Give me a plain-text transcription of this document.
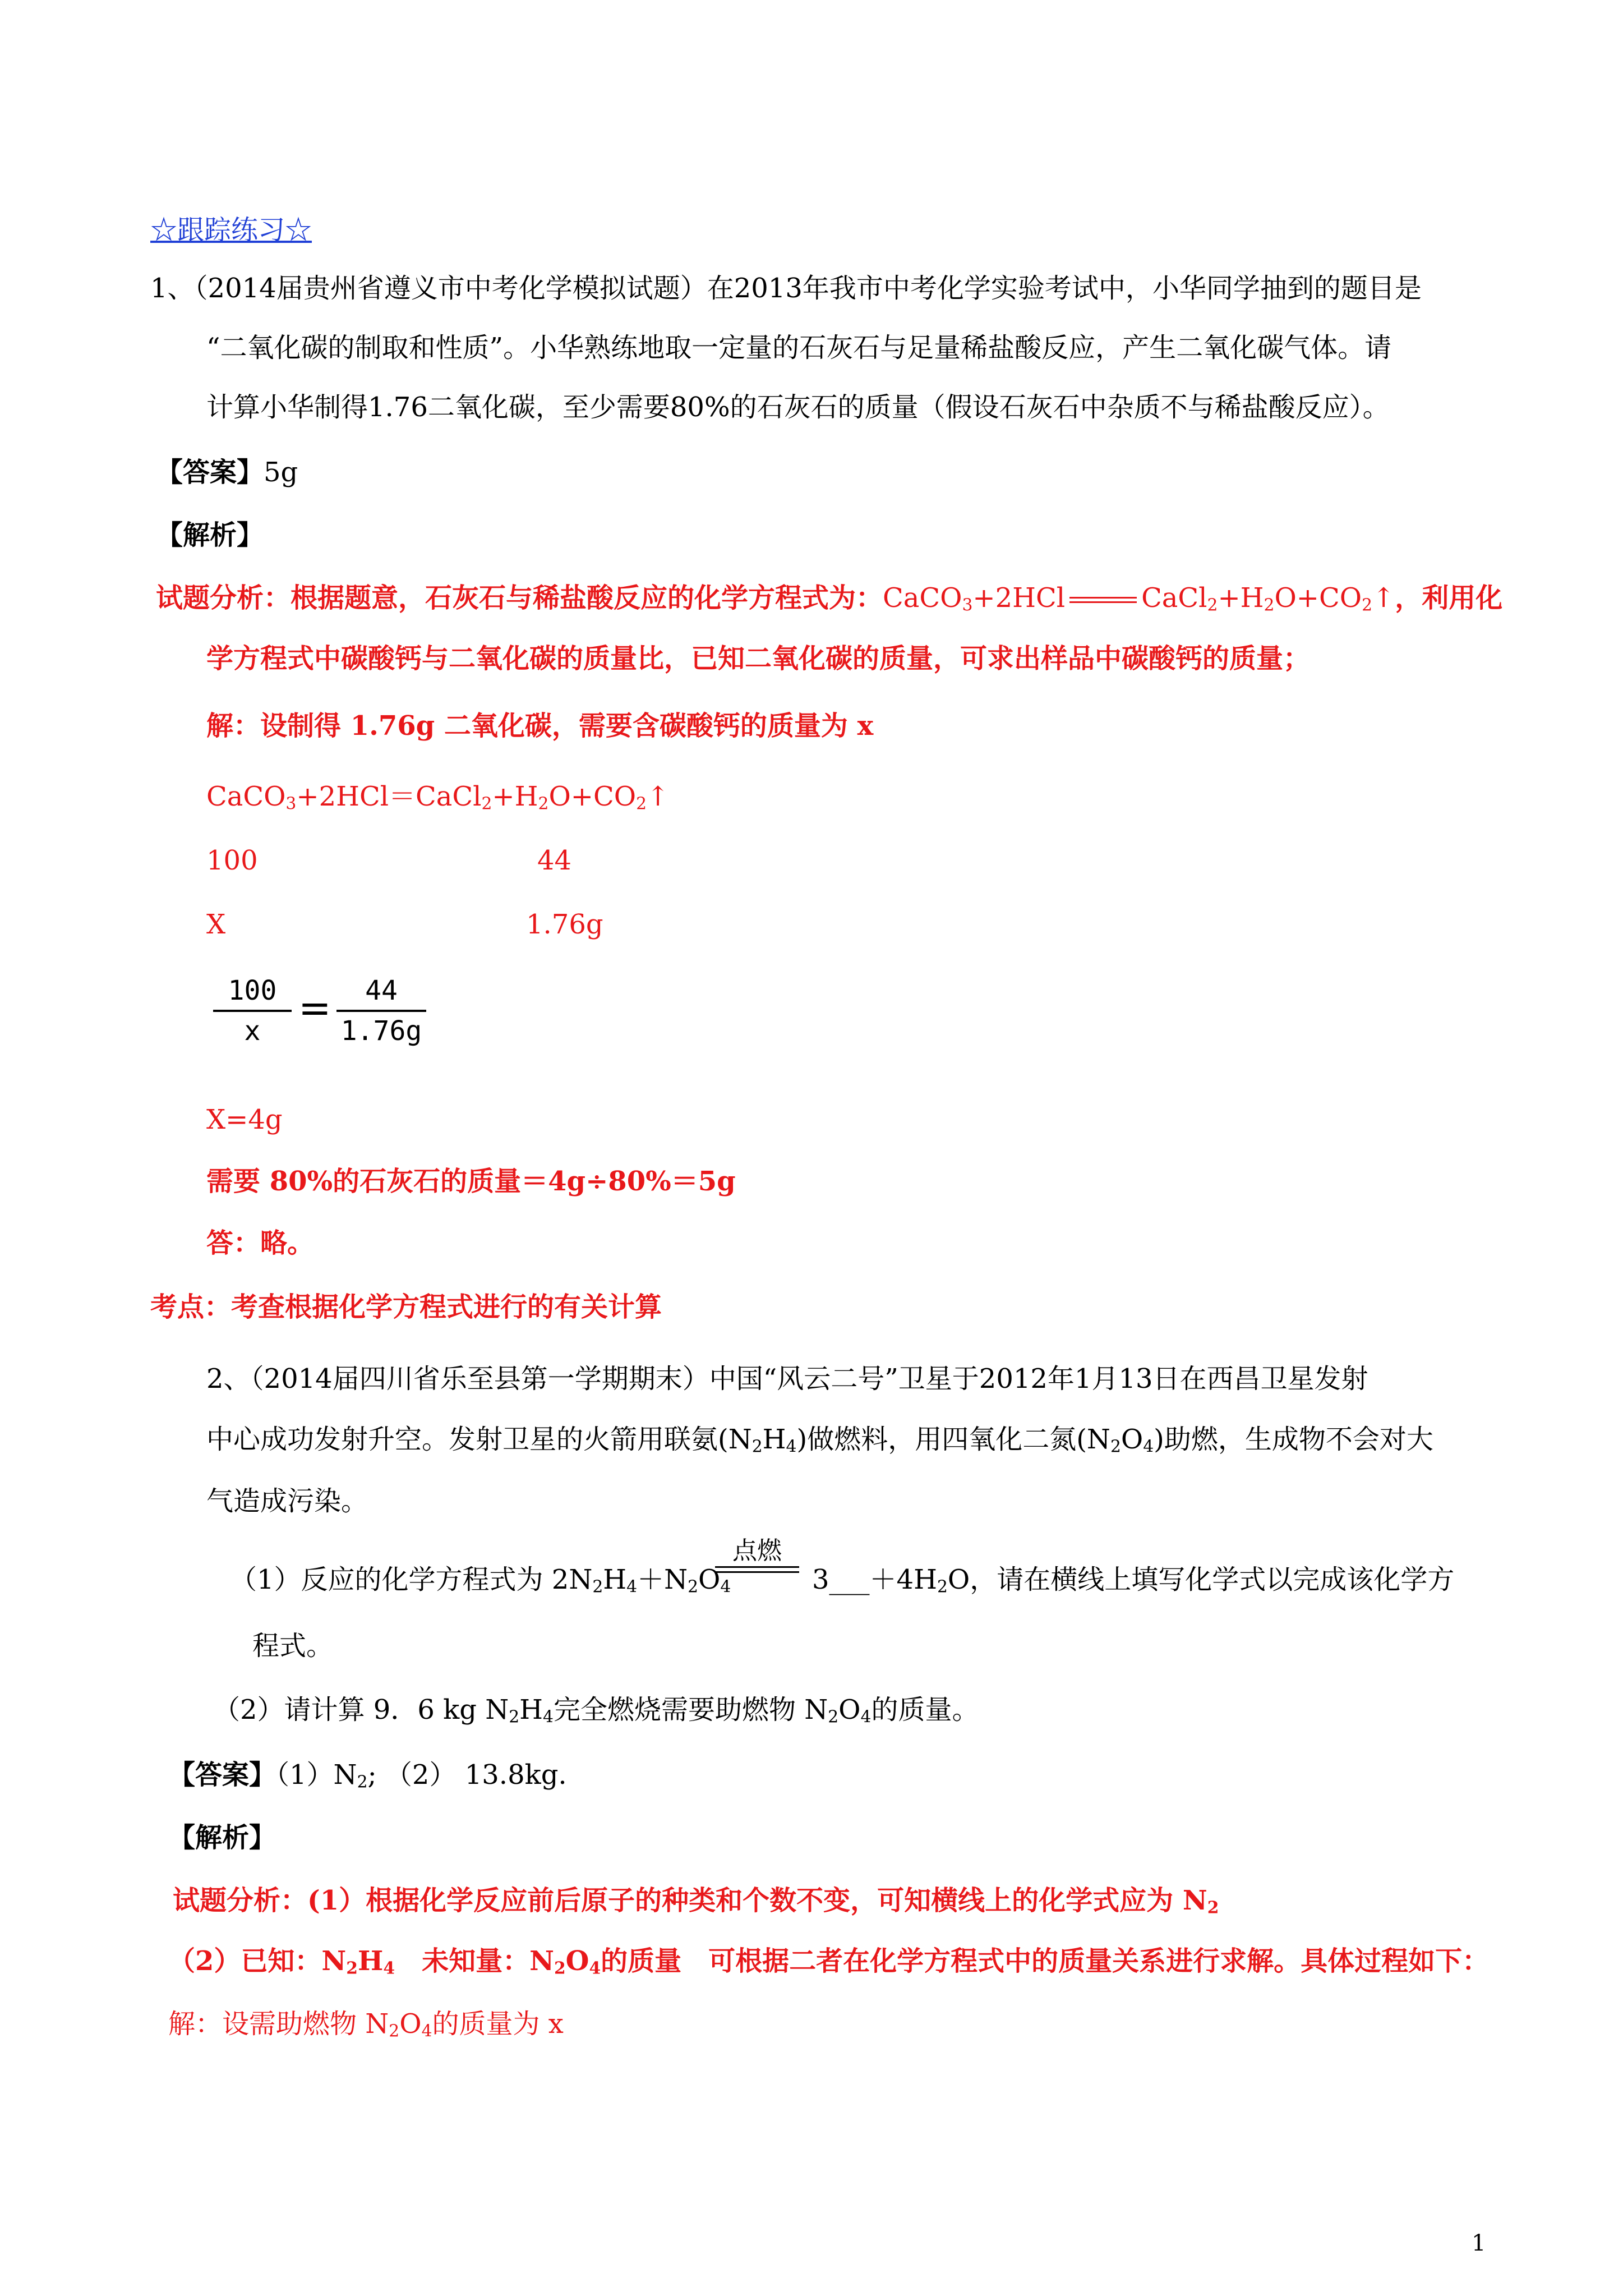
☆跟踪练习☆
1、（2014届贵州省遵义市中考化学模拟试题）在2013年我市中考化学实验考试中，小华同学抽到的题目是
“二氧化碳的制取和性质”。小华熟练地取一定量的石灰石与足量稀盐酸反应，产生二氧化碳气体。请
计算小华制得1.76二氧化碳，至少需要80%的石灰石的质量（假设石灰石中杂质不与稀盐酸反应）。
【答案】5g
【解析】
试题分析：根据题意，石灰石与稀盐酸反应的化学方程式为：CaCO$_3$+2HCl	$CaCl_2+H_2O+CO_2↑$，利用化
学方程式中碳酸钙与二氧化碳的质量比，已知二氧化碳的质量，可求出样品中碳酸钙的质量；
解：设制得 1.76g 二氧化碳，需要含碳酸钙的质量为 x
$CaCO_3+2HCl=CaCl_2+H_2O+CO_2↑$
100	44
X	1.76g
100
x =	44
1.76g
X=4g
需要 80%的石灰石的质量＝4g÷80%＝5g
答：略。
考点：考查根据化学方程式进行的有关计算
2、（2014届四川省乐至县第一学期期末）中国“风云二号”卫星于2012年1月13日在西昌卫星发射
中心成功发射升空。发射卫星的火箭用联氨$(N_2H_4)$做燃料，用四氧化二氮$(N_2O_4)$助燃，生成物不会对大
气造成污染。
（1）反应的化学方程式为 $2N_2H_4+N_2O_4$
点燃
$3\_\_\_+4H_2O$，请在横线上填写化学式以完成该化学方
程式。
（2）请计算 9．6 kg $N_2H_4$完全燃烧需要助燃物 $N_2O_4$的质量。
【答案】$(1)N_2$; （2） 13.8kg.
【解析】
试题分析：(1）根据化学反应前后原子的种类和个数不变，可知横线上的化学式应为 $N_2$
（2）已知：$N_2H_4$　 未知量：$N_2O_4$的质量　可根据二者在化学方程式中的质量关系进行求解。具体过程如下：
解：设需助燃物 $N_2O_4$的质量为 x
1
